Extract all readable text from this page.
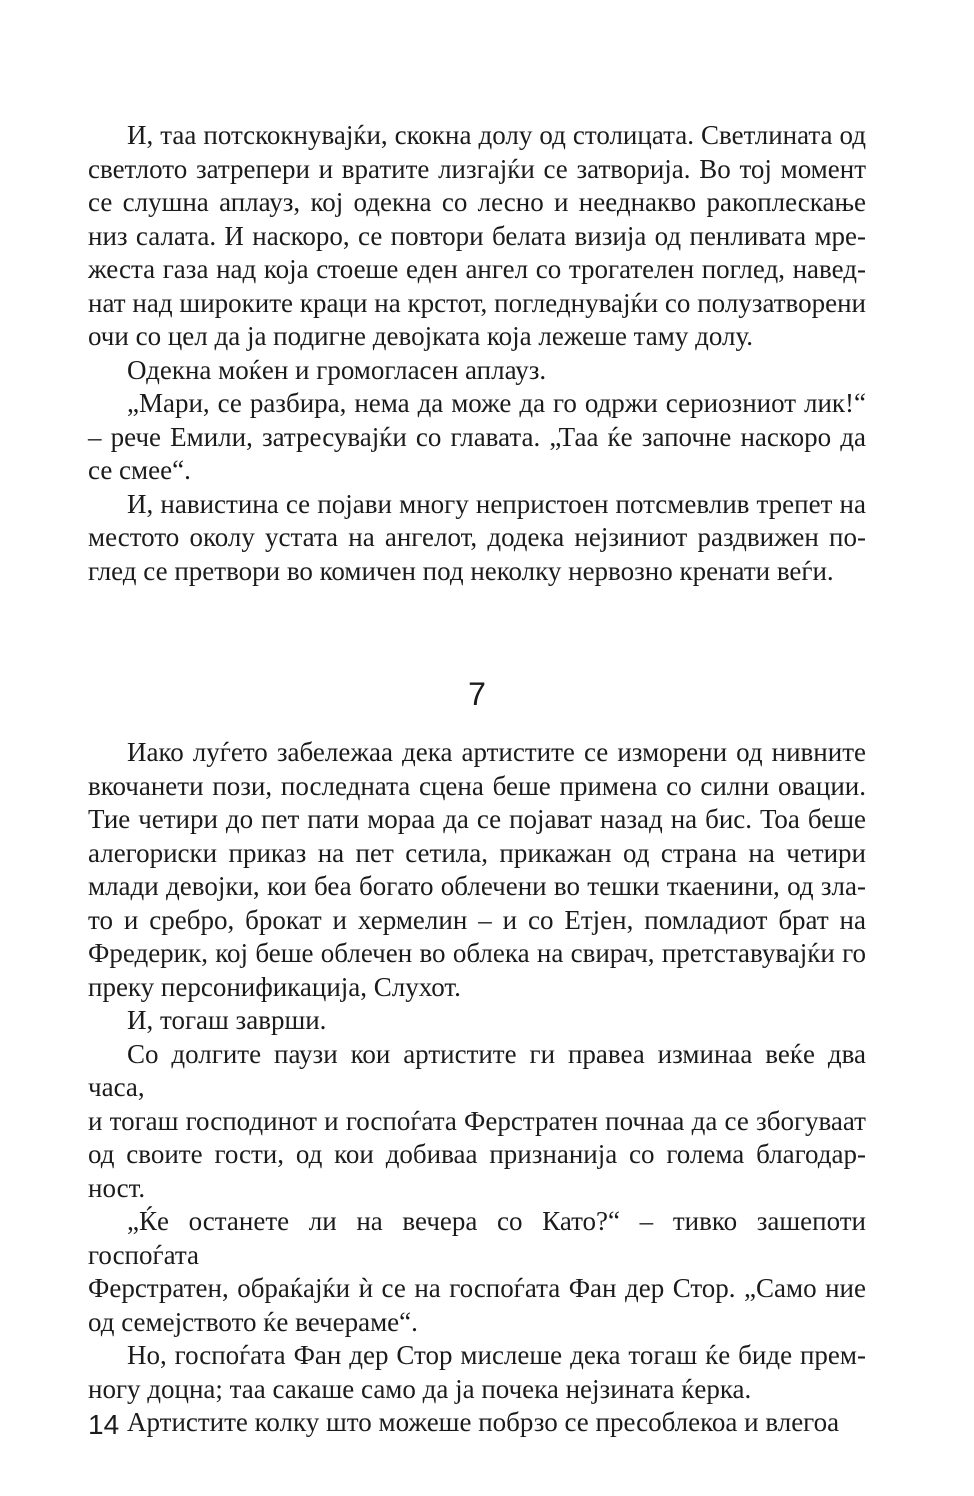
И, таа потскокнувајќи, скокна долу од столицата. Светлината од
светлото затрепери и вратите лизгајќи се затворија. Во тој момент
се слушна аплауз, кој одекна со лесно и нееднакво ракоплескање
низ салата. И наскоро, се повтори белата визија од пенливата мре-
жеста газа над која стоеше еден ангел со трогателен поглед, навед-
нат над широките краци на крстот, погледнувајќи со полузатворени
очи со цел да ја подигне девојката која лежеше таму долу.
Одекна моќен и громогласен аплауз.
„Мари, се разбира, нема да може да го одржи сериозниот лик!“
– рече Емили, затресувајќи со главата. „Таа ќе започне наскоро да
се смее“.
И, навистина се појави многу непристоен потсмевлив трепет на
местото околу устата на ангелот, додека нејзиниот раздвижен по-
глед се претвори во комичен под неколку нервозно кренати веѓи.
7
Иако луѓето забележаа дека артистите се изморени од нивните
вкочанети пози, последната сцена беше примена со силни овации.
Тие четири до пет пати мораа да се појават назад на бис. Тоа беше
алегориски приказ на пет сетила, прикажан од страна на четири
млади девојки, кои беа богато облечени во тешки ткаенини, од зла-
то и сребро, брокат и хермелин – и со Етјен, помладиот брат на
Фредерик, кој беше облечен во облека на свирач, претставувајќи го
преку персонификација, Слухот.
И, тогаш заврши.
Со долгите паузи кои артистите ги правеа изминаа веќе два часа,
и тогаш господинот и госпоѓата Ферстратен почнаа да се збогуваат
од своите гости, од кои добиваа признанија со голема благодар-
ност.
„Ќе останете ли на вечера со Като?“ – тивко зашепоти госпоѓата
Ферстратен, обраќајќи ѝ се на госпоѓата Фан дер Стор. „Само ние
од семејството ќе вечераме“.
Но, госпоѓата Фан дер Стор мислеше дека тогаш ќе биде прем-
ногу доцна; таа сакаше само да ја почека нејзината ќерка.
Артистите колку што можеше побрзо се пресоблекоа и влегоа
14
